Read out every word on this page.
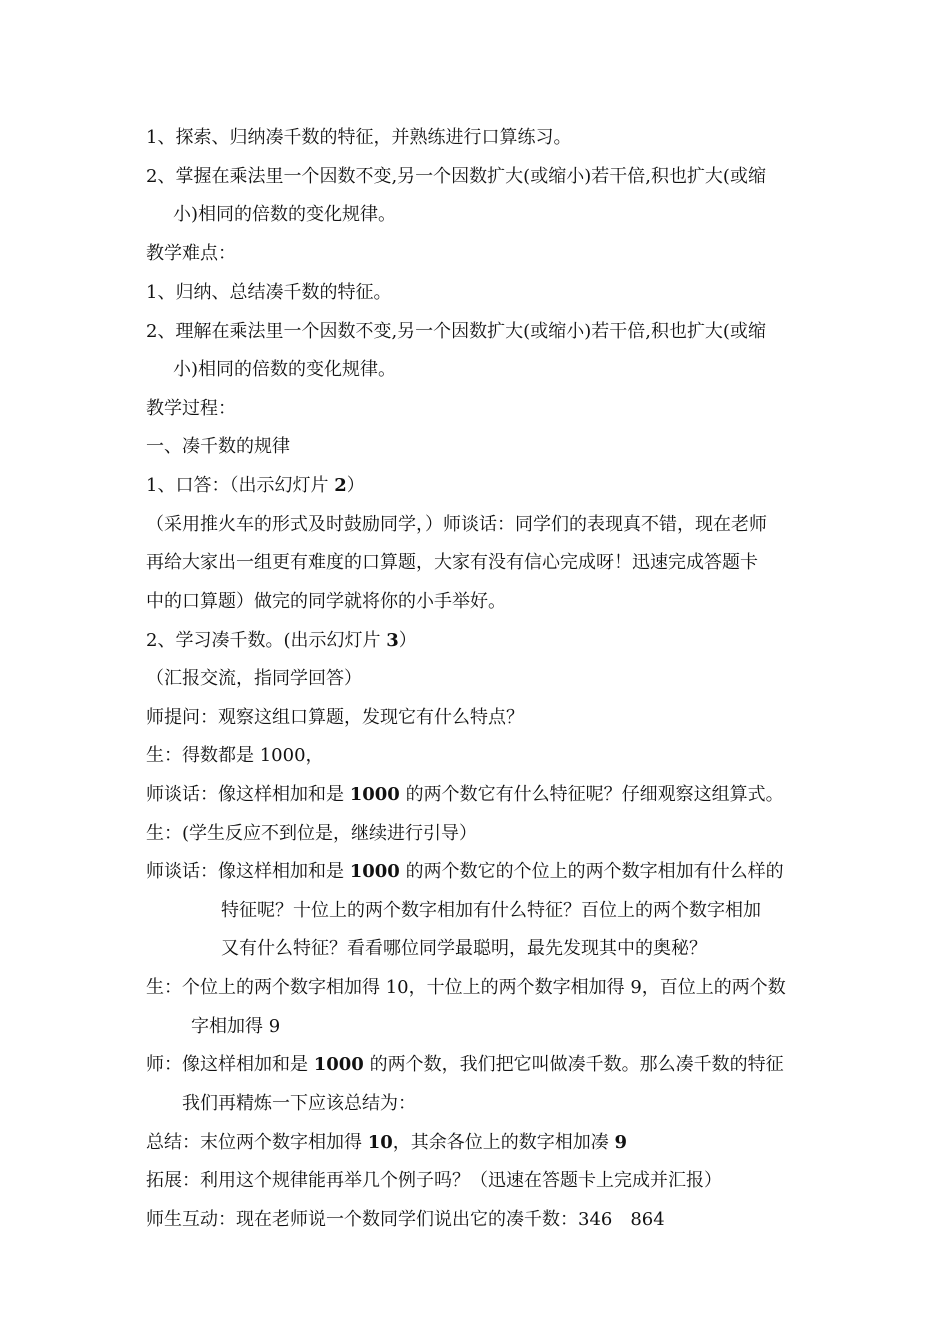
1、探索、归纳凑千数的特征，并熟练进行口算练习。
2、掌握在乘法里一个因数不变,另一个因数扩大(或缩小)若干倍,积也扩大(或缩
小)相同的倍数的变化规律。
教学难点：
1、归纳、总结凑千数的特征。
2、理解在乘法里一个因数不变,另一个因数扩大(或缩小)若干倍,积也扩大(或缩
小)相同的倍数的变化规律。
教学过程：
一、凑千数的规律
1、口答：（出示幻灯片 2）
（采用推火车的形式及时鼓励同学，）师谈话：同学们的表现真不错，现在老师
再给大家出一组更有难度的口算题，大家有没有信心完成呀！迅速完成答题卡
中的口算题）做完的同学就将你的小手举好。
2、学习凑千数。(出示幻灯片 3）
（汇报交流，指同学回答）
师提问：观察这组口算题，发现它有什么特点？
生：得数都是 1000，
师谈话：像这样相加和是 1000 的两个数它有什么特征呢？仔细观察这组算式。
生：(学生反应不到位是，继续进行引导）
师谈话：像这样相加和是 1000 的两个数它的个位上的两个数字相加有什么样的
特征呢？十位上的两个数字相加有什么特征？百位上的两个数字相加
又有什么特征？看看哪位同学最聪明，最先发现其中的奥秘？
生：个位上的两个数字相加得 10，十位上的两个数字相加得 9，百位上的两个数
字相加得 9
师：像这样相加和是 1000 的两个数，我们把它叫做凑千数。那么凑千数的特征
我们再精炼一下应该总结为：
总结：末位两个数字相加得 10，其余各位上的数字相加凑 9
拓展：利用这个规律能再举几个例子吗？（迅速在答题卡上完成并汇报）
师生互动：现在老师说一个数同学们说出它的凑千数：346　864
